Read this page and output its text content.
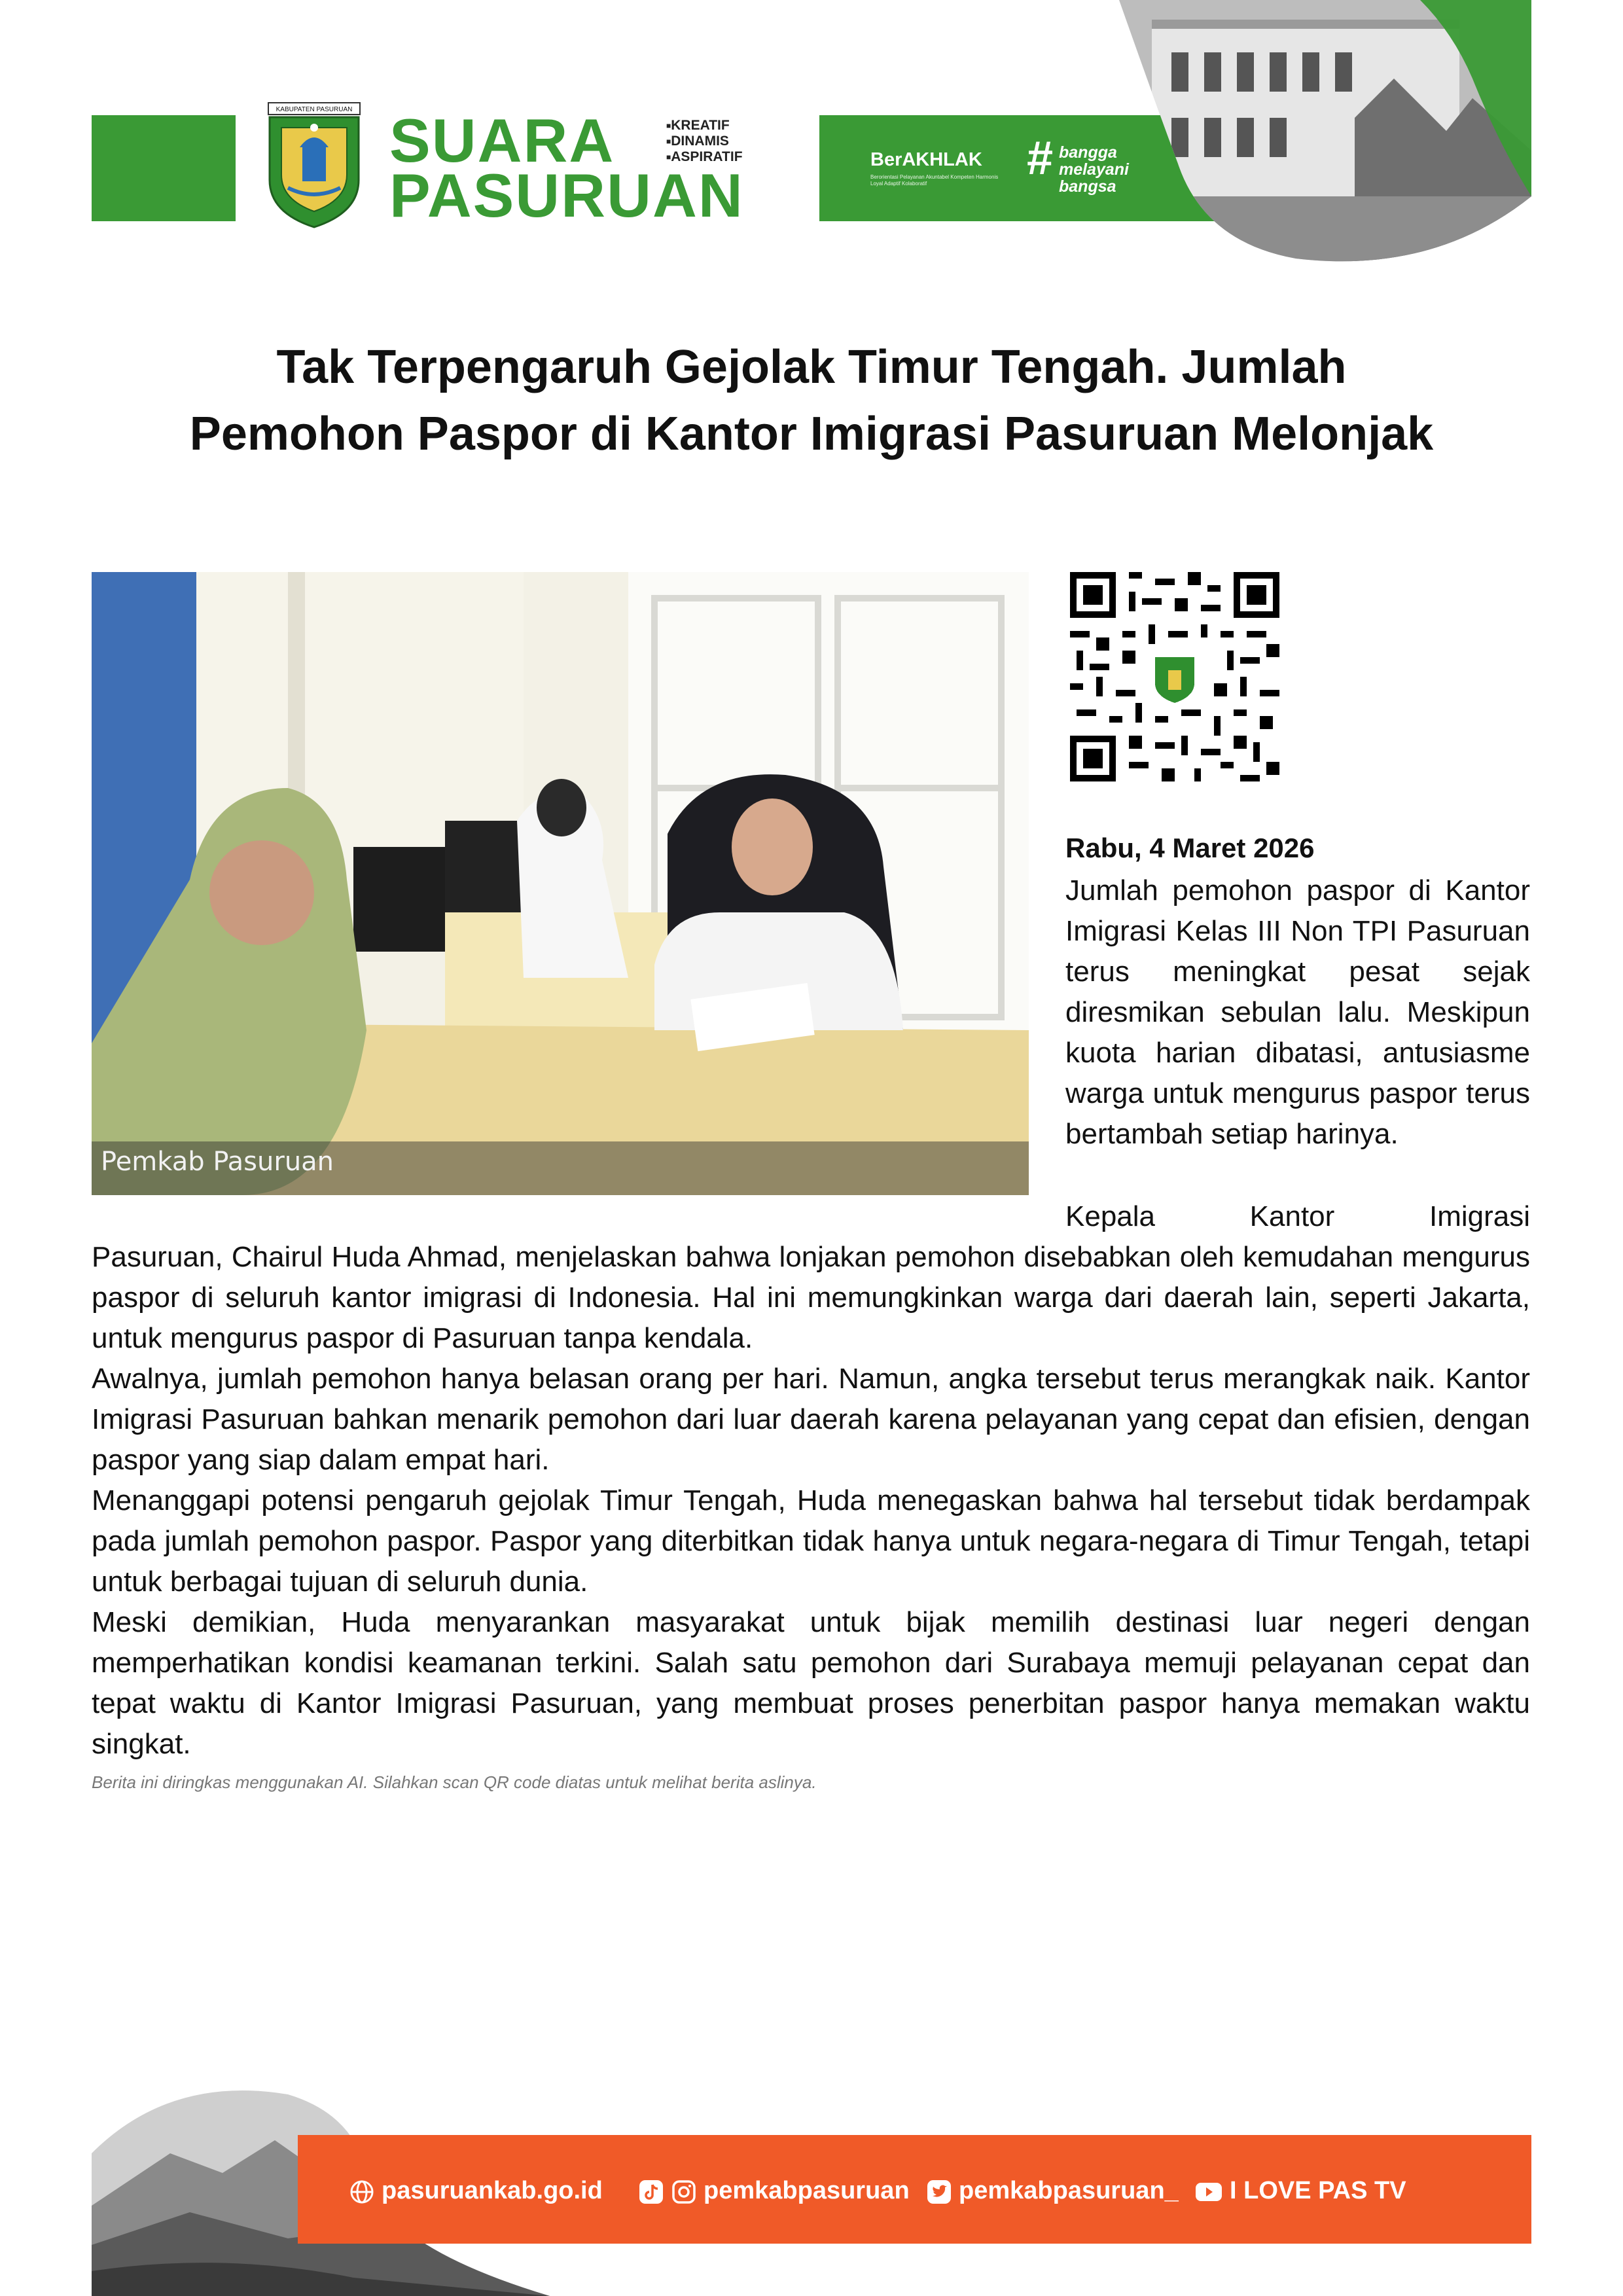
KABUPATEN PASURUAN SUARA
PASURUAN
■ KREATIF
■ DINAMIS
■ ASPIRATIF	BerAKHLAK
Berorientasi Pelayanan Akuntabel Kompeten Harmonis Loyal Adaptif Kolaboratif	# bangga
melayani
bangsa
Tak Terpengaruh Gejolak Timur Tengah. Jumlah Pemohon Paspor di Kantor Imigrasi Pasuruan Melonjak
Pemkab Pasuruan
Rabu, 4 Maret 2026
Jumlah pemohon paspor di Kantor Imigrasi Kelas III Non TPI Pasuruan terus meningkat pesat sejak diresmikan sebulan lalu. Meskipun kuota harian dibatasi, antusiasme warga untuk mengurus paspor terus bertambah setiap harinya.
Kepala Kantor Imigrasi

Pasuruan, Chairul Huda Ahmad, menjelaskan bahwa lonjakan pemohon disebabkan oleh kemudahan mengurus paspor di seluruh kantor imigrasi di Indonesia. Hal ini memungkinkan warga dari daerah lain, seperti Jakarta, untuk mengurus paspor di Pasuruan tanpa kendala.

Awalnya, jumlah pemohon hanya belasan orang per hari. Namun, angka tersebut terus merangkak naik. Kantor Imigrasi Pasuruan bahkan menarik pemohon dari luar daerah karena pelayanan yang cepat dan efisien, dengan paspor yang siap dalam empat hari.

Menanggapi potensi pengaruh gejolak Timur Tengah, Huda menegaskan bahwa hal tersebut tidak berdampak pada jumlah pemohon paspor. Paspor yang diterbitkan tidak hanya untuk negara-negara di Timur Tengah, tetapi untuk berbagai tujuan di seluruh dunia.

Meski demikian, Huda menyarankan masyarakat untuk bijak memilih destinasi luar negeri dengan memperhatikan kondisi keamanan terkini. Salah satu pemohon dari Surabaya memuji pelayanan cepat dan tepat waktu di Kantor Imigrasi Pasuruan, yang membuat proses penerbitan paspor hanya memakan waktu singkat.

Berita ini diringkas menggunakan AI. Silahkan scan QR code diatas untuk melihat berita aslinya.
pasuruankab.go.id	pemkabpasuruan	pemkabpasuruan_	I LOVE PAS TV
